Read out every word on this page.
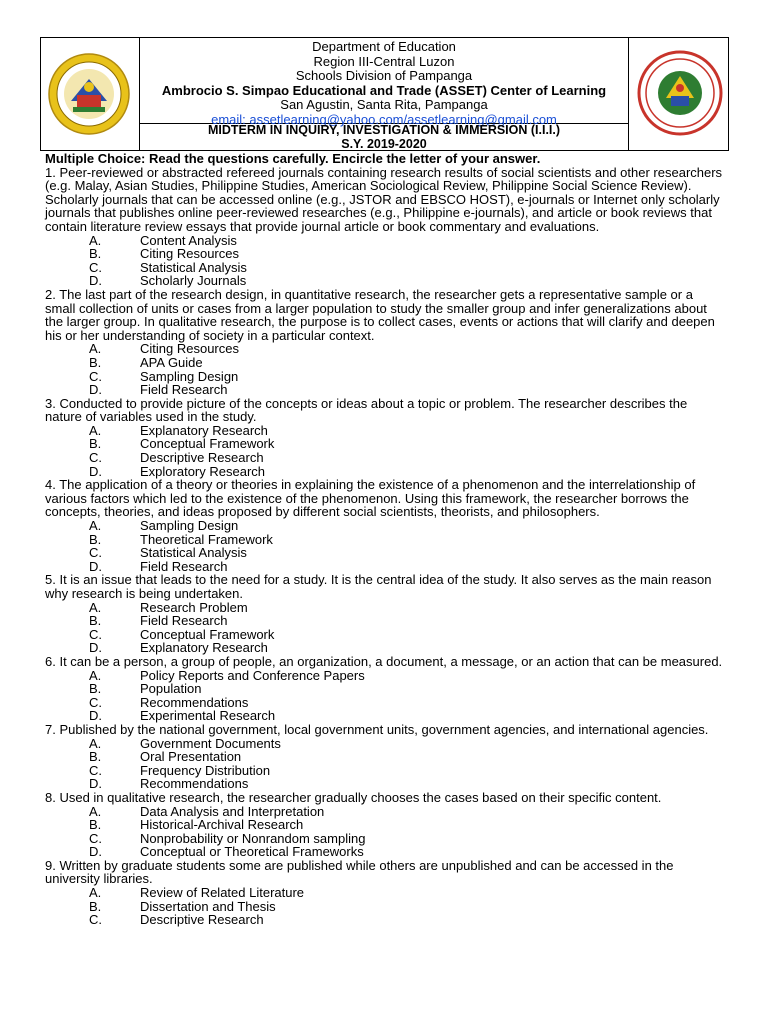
Department of Education
Region III-Central Luzon
Schools Division of Pampanga
Ambrocio S. Simpao Educational and Trade (ASSET) Center of Learning
San Agustin, Santa Rita, Pampanga
email: assetlearning@yahoo.com/assetlearning@gmail.com
MIDTERM IN INQUIRY, INVESTIGATION & IMMERSION (I.I.I.)
S.Y. 2019-2020
Multiple Choice: Read the questions carefully. Encircle the letter of your answer.
1. Peer-reviewed or abstracted refereed journals containing research results of social scientists and other researchers (e.g. Malay, Asian Studies, Philippine Studies, American Sociological Review, Philippine Social Science Review). Scholarly journals that can be accessed online (e.g., JSTOR and EBSCO HOST), e-journals or Internet only scholarly journals that publishes online peer-reviewed researches (e.g., Philippine e-journals), and article or book reviews that contain literature review essays that provide journal article or book commentary and evaluations.
A.	Content Analysis
B.	Citing Resources
C.	Statistical Analysis
D.	Scholarly Journals
2. The last part of the research design, in quantitative research, the researcher gets a representative sample or a small collection of units or cases from a larger population to study the smaller group and infer generalizations about the larger group. In qualitative research, the purpose is to collect cases, events or actions that will clarify and deepen his or her understanding of society in a particular context.
A.	Citing Resources
B.	APA Guide
C.	Sampling Design
D.	Field Research
3. Conducted to provide picture of the concepts or ideas about a topic or problem. The researcher describes the nature of variables used in the study.
A.	Explanatory Research
B.	Conceptual Framework
C.	Descriptive Research
D.	Exploratory Research
4. The application of a theory or theories in explaining the existence of a phenomenon and the interrelationship of various factors which led to the existence of the phenomenon. Using this framework, the researcher borrows the concepts, theories, and ideas proposed by different social scientists, theorists, and philosophers.
A.	Sampling Design
B.	Theoretical Framework
C.	Statistical Analysis
D.	Field Research
5. It is an issue that leads to the need for a study. It is the central idea of the study. It also serves as the main reason why research is being undertaken.
A.	Research Problem
B.	Field Research
C.	Conceptual Framework
D.	Explanatory Research
6. It can be a person, a group of people, an organization, a document, a message, or an action that can be measured.
A.	Policy Reports and Conference Papers
B.	Population
C.	Recommendations
D.	Experimental Research
7. Published by the national government, local government units, government agencies, and international agencies.
A.	Government Documents
B.	Oral Presentation
C.	Frequency Distribution
D.	Recommendations
8. Used in qualitative research, the researcher gradually chooses the cases based on their specific content.
A.	Data Analysis and Interpretation
B.	Historical-Archival Research
C.	Nonprobability or Nonrandom sampling
D.	Conceptual or Theoretical Frameworks
9. Written by graduate students some are published while others are unpublished and can be accessed in the university libraries.
A.	Review of Related Literature
B.	Dissertation and Thesis
C.	Descriptive Research
